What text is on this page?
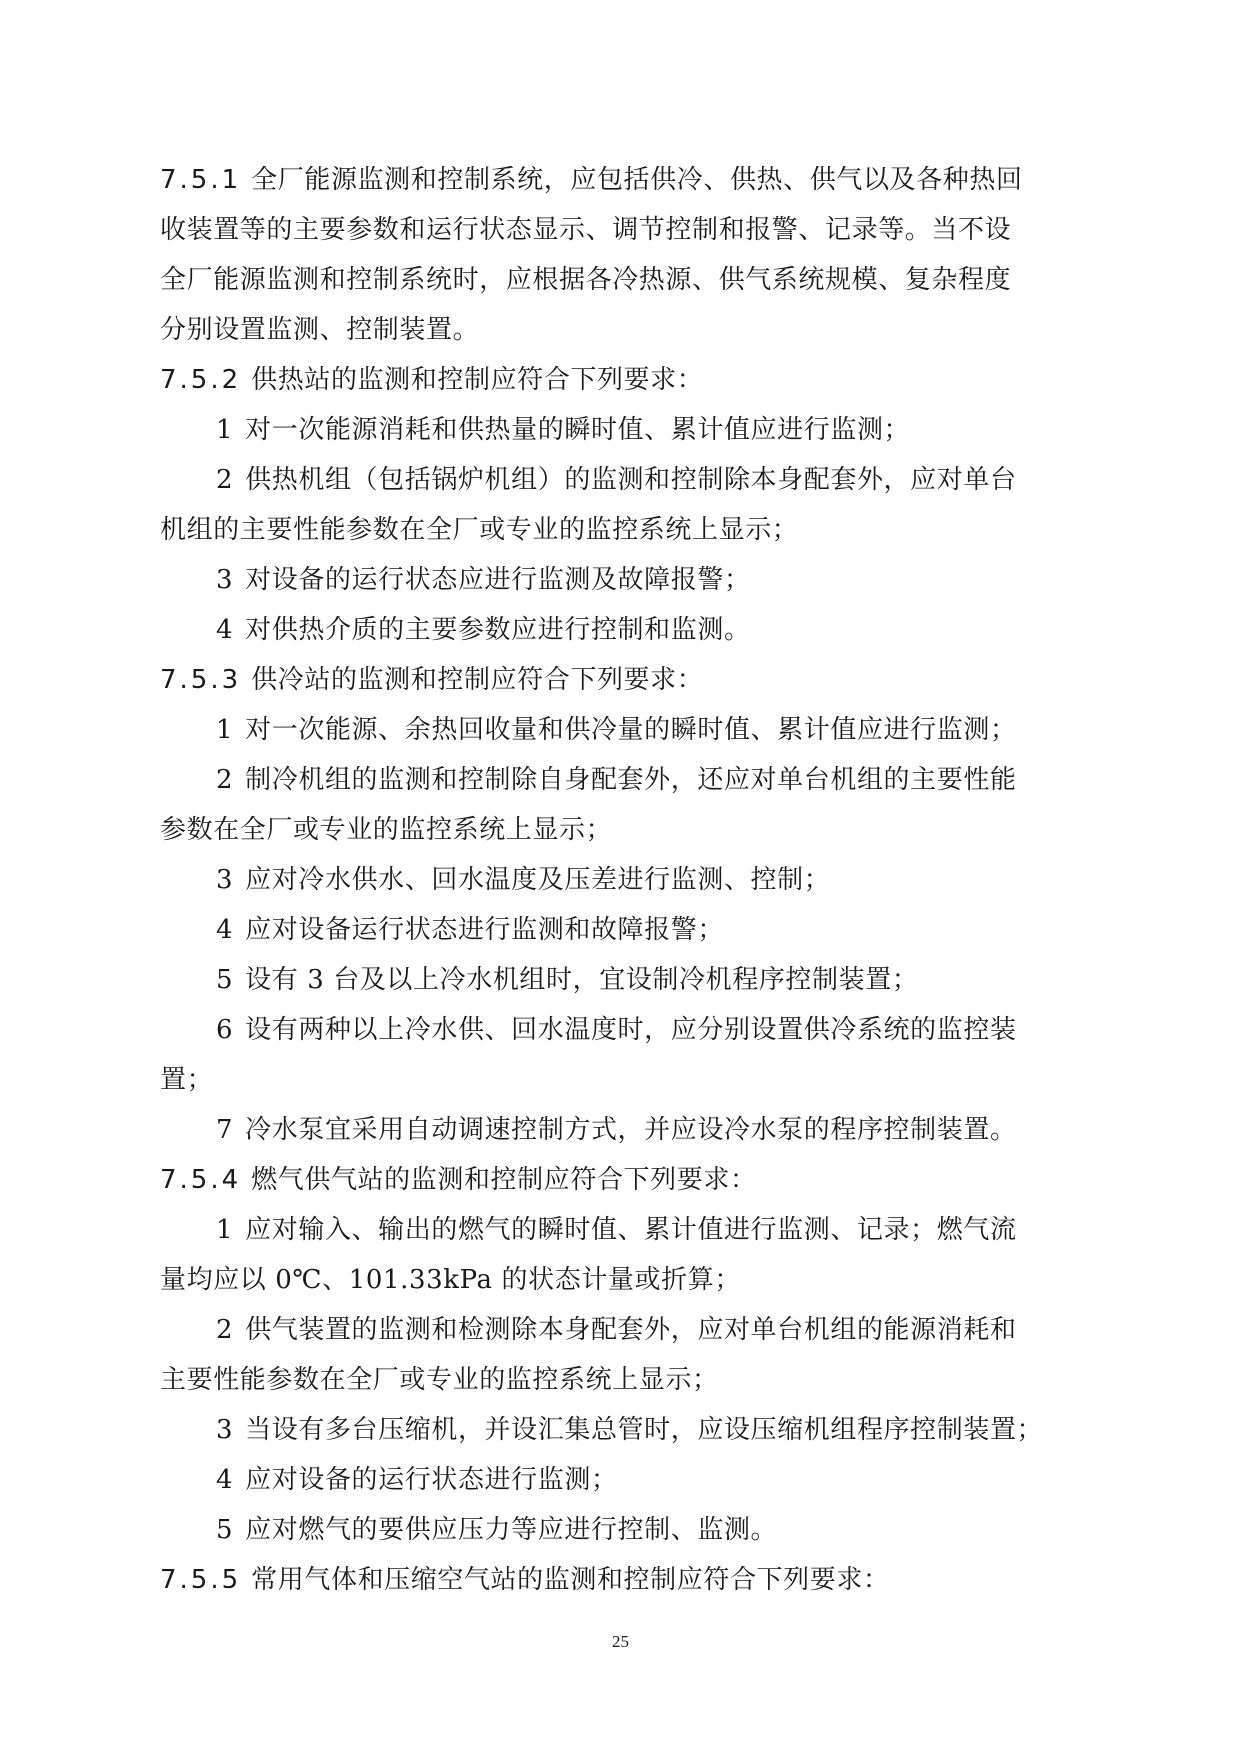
7.5.1 全厂能源监测和控制系统，应包括供冷、供热、供气以及各种热回
收装置等的主要参数和运行状态显示、调节控制和报警、记录等。当不设
全厂能源监测和控制系统时，应根据各冷热源、供气系统规模、复杂程度
分别设置监测、控制装置。
7.5.2 供热站的监测和控制应符合下列要求：
1 对一次能源消耗和供热量的瞬时值、累计值应进行监测；
2 供热机组（包括锅炉机组）的监测和控制除本身配套外，应对单台
机组的主要性能参数在全厂或专业的监控系统上显示；
3 对设备的运行状态应进行监测及故障报警；
4 对供热介质的主要参数应进行控制和监测。
7.5.3 供冷站的监测和控制应符合下列要求：
1 对一次能源、余热回收量和供冷量的瞬时值、累计值应进行监测；
2 制冷机组的监测和控制除自身配套外，还应对单台机组的主要性能
参数在全厂或专业的监控系统上显示；
3 应对冷水供水、回水温度及压差进行监测、控制；
4 应对设备运行状态进行监测和故障报警；
5 设有 3 台及以上冷水机组时，宜设制冷机程序控制装置；
6 设有两种以上冷水供、回水温度时，应分别设置供冷系统的监控装
置；
7 冷水泵宜采用自动调速控制方式，并应设冷水泵的程序控制装置。
7.5.4 燃气供气站的监测和控制应符合下列要求：
1 应对输入、输出的燃气的瞬时值、累计值进行监测、记录；燃气流
量均应以 0℃、101.33kPa 的状态计量或折算；
2 供气装置的监测和检测除本身配套外，应对单台机组的能源消耗和
主要性能参数在全厂或专业的监控系统上显示；
3 当设有多台压缩机，并设汇集总管时，应设压缩机组程序控制装置；
4 应对设备的运行状态进行监测；
5 应对燃气的要供应压力等应进行控制、监测。
7.5.5 常用气体和压缩空气站的监测和控制应符合下列要求：
25
